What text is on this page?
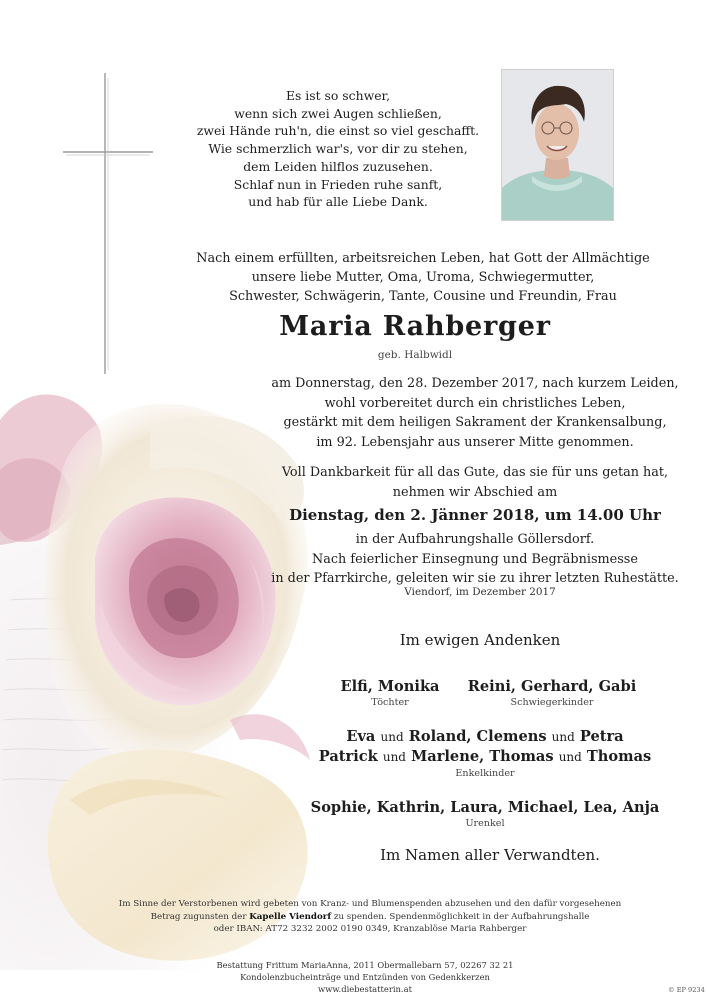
Es ist so schwer,
wenn sich zwei Augen schließen,
zwei Hände ruh'n, die einst so viel geschafft.
Wie schmerzlich war's, vor dir zu stehen,
dem Leiden hilflos zuzusehen.
Schlaf nun in Frieden ruhe sanft,
und hab für alle Liebe Dank.
Nach einem erfüllten, arbeitsreichen Leben, hat Gott der Allmächtige
unsere liebe Mutter, Oma, Uroma, Schwiegermutter,
Schwester, Schwägerin, Tante, Cousine und Freundin, Frau
Maria Rahberger
geb. Halbwidl
am Donnerstag, den 28. Dezember 2017, nach kurzem Leiden,
wohl vorbereitet durch ein christliches Leben,
gestärkt mit dem heiligen Sakrament der Krankensalbung,
im 92. Lebensjahr aus unserer Mitte genommen.
Voll Dankbarkeit für all das Gute, das sie für uns getan hat,
nehmen wir Abschied am
Dienstag, den 2. Jänner 2018, um 14.00 Uhr
in der Aufbahrungshalle Göllersdorf.
Nach feierlicher Einsegnung und Begräbnismesse
in der Pfarrkirche, geleiten wir sie zu ihrer letzten Ruhestätte.
Viendorf, im Dezember 2017
Im ewigen Andenken
Elfi, Monika
Töchter
Reini, Gerhard, Gabi
Schwiegerkinder
Eva und Roland, Clemens und Petra
Patrick und Marlene, Thomas und Thomas
Enkelkinder
Sophie, Kathrin, Laura, Michael, Lea, Anja
Urenkel
Im Namen aller Verwandten.
Im Sinne der Verstorbenen wird gebeten von Kranz- und Blumenspenden abzusehen und den dafür vorgesehenen
Betrag zugunsten der Kapelle Viendorf zu spenden. Spendenmöglichkeit in der Aufbahrungshalle
oder IBAN: AT72 3232 2002 0190 0349, Kranzablöse Maria Rahberger
Bestattung Frittum MariaAnna, 2011 Obermallebarn 57, 02267 32 21
Kondolenzbucheinträge und Entzünden von Gedenkkerzen www.diebestatterin.at	© EP 9234
